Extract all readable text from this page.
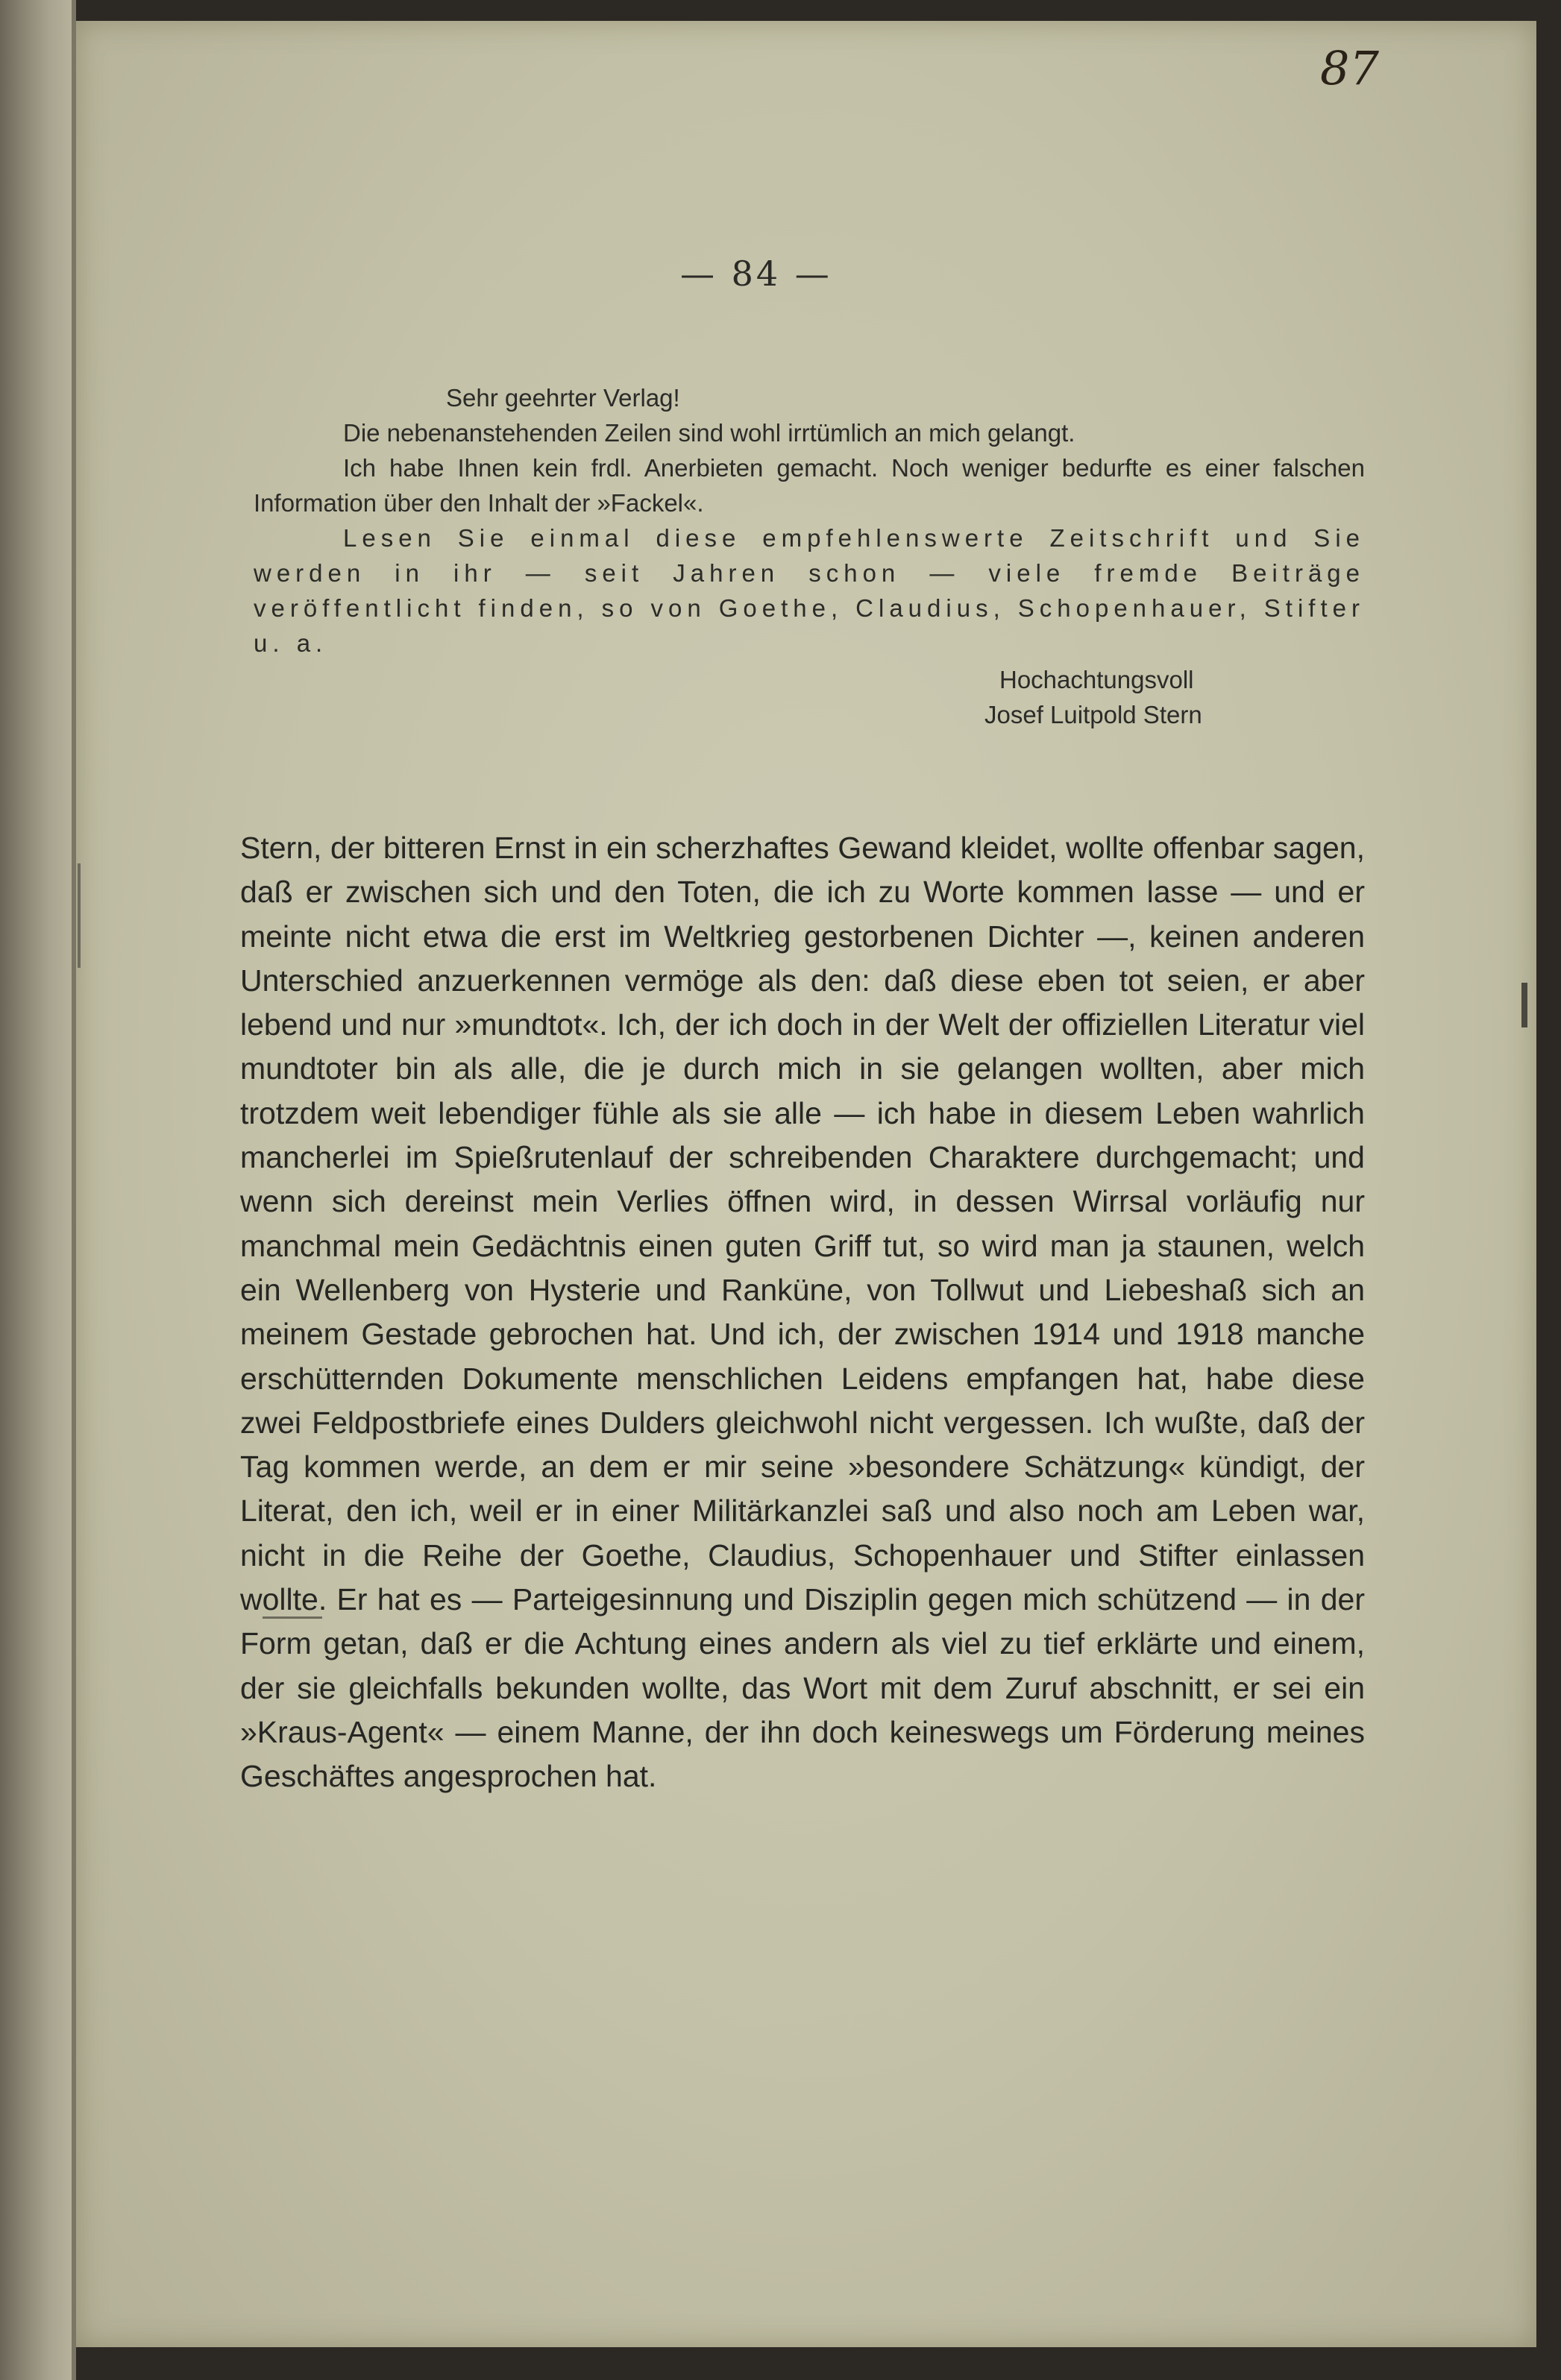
87
— 84 —

Sehr geehrter Verlag!

Die nebenanstehenden Zeilen sind wohl irrtümlich an mich gelangt.

Ich habe Ihnen kein frdl. Anerbieten gemacht. Noch weniger bedurfte es einer falschen Information über den Inhalt der »Fackel«.

Lesen Sie einmal diese empfehlenswerte Zeitschrift und Sie werden in ihr — seit Jahren schon — viele fremde Beiträge veröffentlicht finden, so von Goethe, Claudius, Schopenhauer, Stifter u. a.

Hochachtungsvoll

Josef Luitpold Stern

Stern, der bitteren Ernst in ein scherzhaftes Gewand kleidet, wollte offenbar sagen, daß er zwischen sich und den Toten, die ich zu Worte kommen lasse — und er meinte nicht etwa die erst im Weltkrieg gestorbenen Dichter —, keinen anderen Unterschied anzuerkennen vermöge als den: daß diese eben tot seien, er aber lebend und nur »mundtot«. Ich, der ich doch in der Welt der offiziellen Literatur viel mundtoter bin als alle, die je durch mich in sie gelangen wollten, aber mich trotzdem weit lebendiger fühle als sie alle — ich habe in diesem Leben wahrlich mancherlei im Spießrutenlauf der schreibenden Charaktere durchgemacht; und wenn sich dereinst mein Verlies öffnen wird, in dessen Wirrsal vorläufig nur manchmal mein Gedächtnis einen guten Griff tut, so wird man ja staunen, welch ein Wellenberg von Hysterie und Ranküne, von Tollwut und Liebeshaß sich an meinem Gestade gebrochen hat. Und ich, der zwischen 1914 und 1918 manche erschütternden Dokumente menschlichen Leidens empfangen hat, habe diese zwei Feldpostbriefe eines Dulders gleichwohl nicht vergessen. Ich wußte, daß der Tag kommen werde, an dem er mir seine »besondere Schätzung« kündigt, der Literat, den ich, weil er in einer Militärkanzlei saß und also noch am Leben war, nicht in die Reihe der Goethe, Claudius, Schopenhauer und Stifter einlassen wollte. Er hat es — Parteigesinnung und Disziplin gegen mich schützend — in der Form getan, daß er die Achtung eines andern als viel zu tief erklärte und einem, der sie gleichfalls bekunden wollte, das Wort mit dem Zuruf abschnitt, er sei ein »Kraus-Agent« — einem Manne, der ihn doch keineswegs um Förderung meines Geschäftes angesprochen hat.
